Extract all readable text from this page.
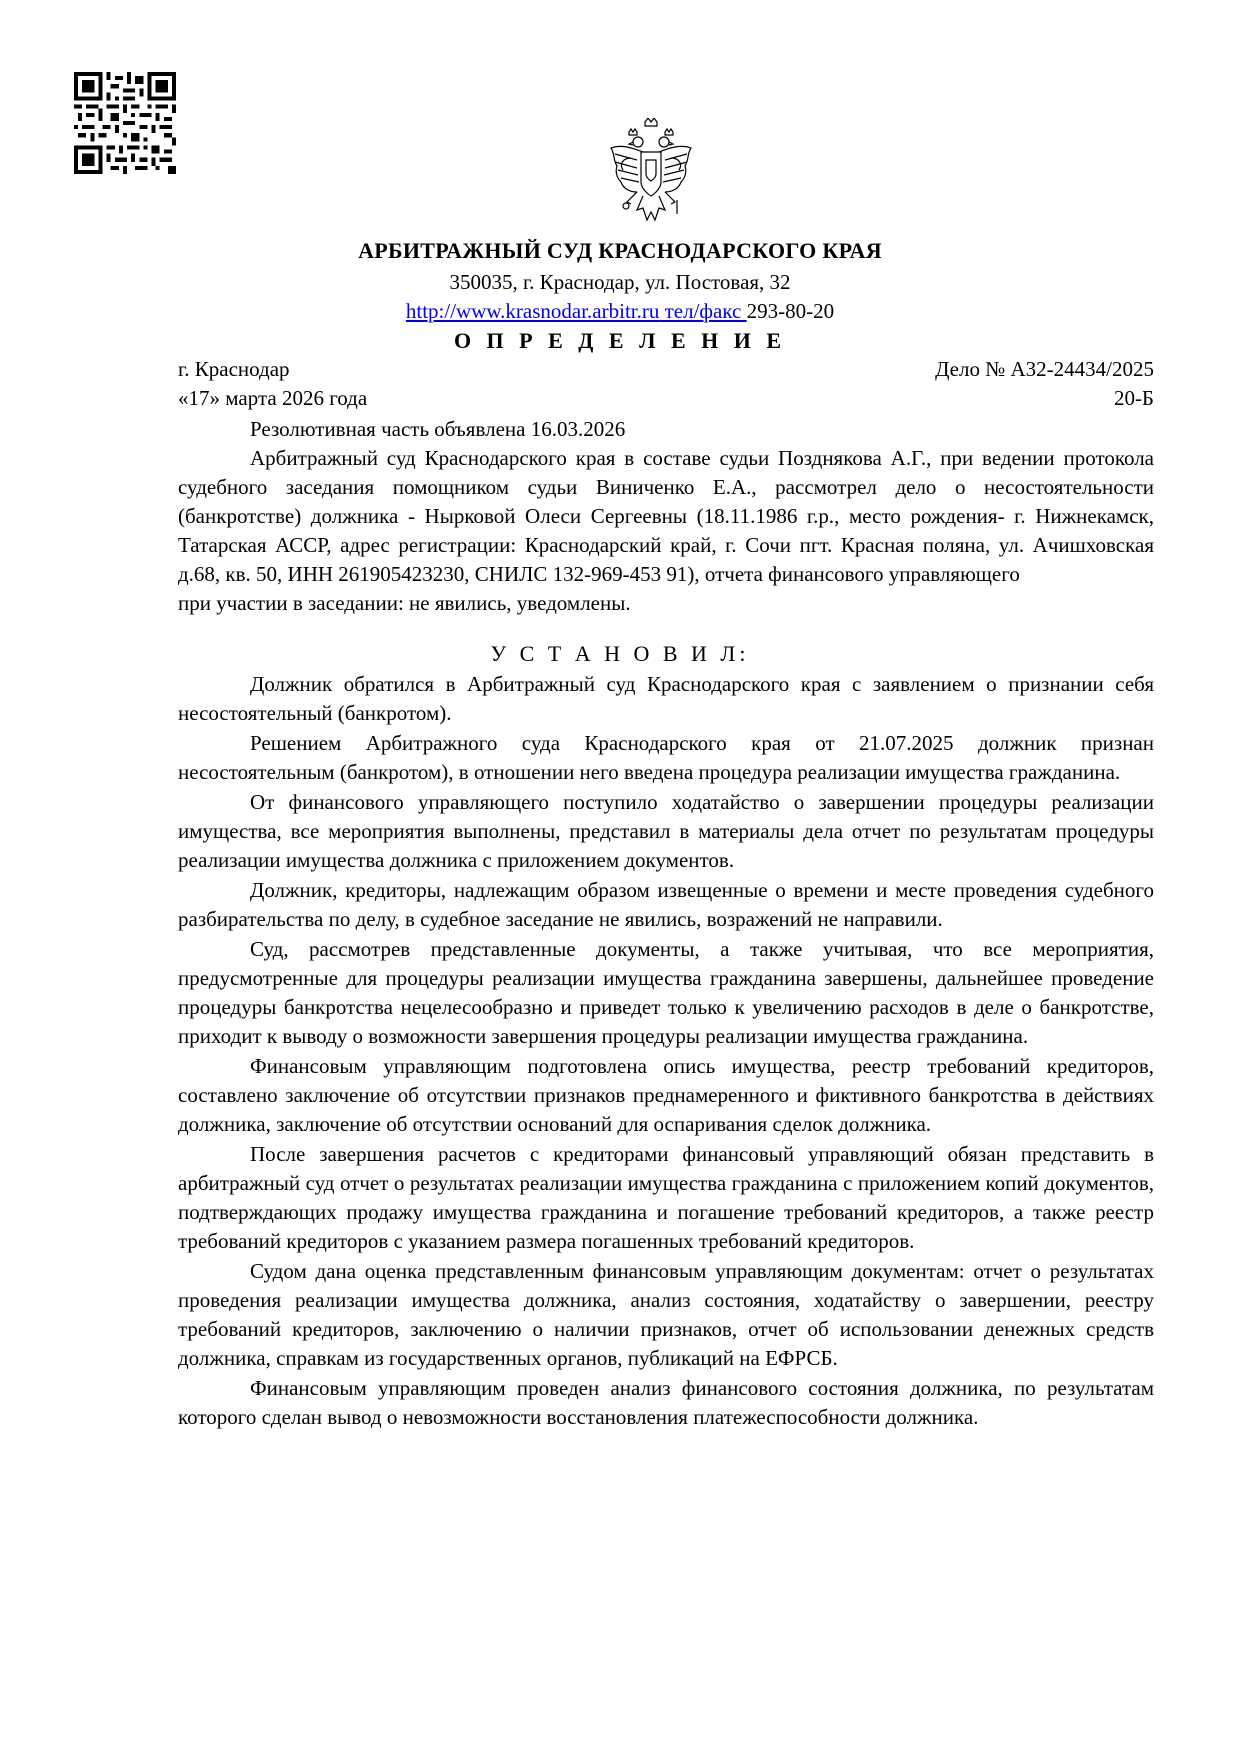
АРБИТРАЖНЫЙ СУД КРАСНОДАРСКОГО КРАЯ
350035, г. Краснодар, ул. Постовая, 32
http://www.krasnodar.arbitr.ru тел/факс 293-80-20
О П Р Е Д Е Л Е Н И Е
г. Краснодар	Дело № А32-24434/2025
«17» марта 2026 года	20-Б

Резолютивная часть объявлена 16.03.2026

Арбитражный суд Краснодарского края в составе судьи Позднякова А.Г., при ведении протокола судебного заседания помощником судьи Виниченко Е.А., рассмотрел дело о несостоятельности (банкротстве) должника - Нырковой Олеси Сергеевны (18.11.1986 г.р., место рождения- г. Нижнекамск, Татарская АССР, адрес регистрации: Краснодарский край, г. Сочи пгт. Красная поляна, ул. Ачишховская д.68, кв. 50, ИНН 261905423230, СНИЛС 132-969-453 91), отчета финансового управляющего

при участии в заседании: не явились, уведомлены.

У С Т А Н О В И Л:

Должник обратился в Арбитражный суд Краснодарского края с заявлением о признании себя несостоятельный (банкротом).

Решением Арбитражного суда Краснодарского края от 21.07.2025 должник признан несостоятельным (банкротом), в отношении него введена процедура реализации имущества гражданина.

От финансового управляющего поступило ходатайство о завершении процедуры реализации имущества, все мероприятия выполнены, представил в материалы дела отчет по результатам процедуры реализации имущества должника с приложением документов.

Должник, кредиторы, надлежащим образом извещенные о времени и месте проведения судебного разбирательства по делу, в судебное заседание не явились, возражений не направили.

Суд, рассмотрев представленные документы, а также учитывая, что все мероприятия, предусмотренные для процедуры реализации имущества гражданина завершены, дальнейшее проведение процедуры банкротства нецелесообразно и приведет только к увеличению расходов в деле о банкротстве, приходит к выводу о возможности завершения процедуры реализации имущества гражданина.

Финансовым управляющим подготовлена опись имущества, реестр требований кредиторов, составлено заключение об отсутствии признаков преднамеренного и фиктивного банкротства в действиях должника, заключение об отсутствии оснований для оспаривания сделок должника.

После завершения расчетов с кредиторами финансовый управляющий обязан представить в арбитражный суд отчет о результатах реализации имущества гражданина с приложением копий документов, подтверждающих продажу имущества гражданина и погашение требований кредиторов, а также реестр требований кредиторов с указанием размера погашенных требований кредиторов.

Судом дана оценка представленным финансовым управляющим документам: отчет о результатах проведения реализации имущества должника, анализ состояния, ходатайству о завершении, реестру требований кредиторов, заключению о наличии признаков, отчет об использовании денежных средств должника, справкам из государственных органов, публикаций на ЕФРСБ.

Финансовым управляющим проведен анализ финансового состояния должника, по результатам которого сделан вывод о невозможности восстановления платежеспособности должника.
